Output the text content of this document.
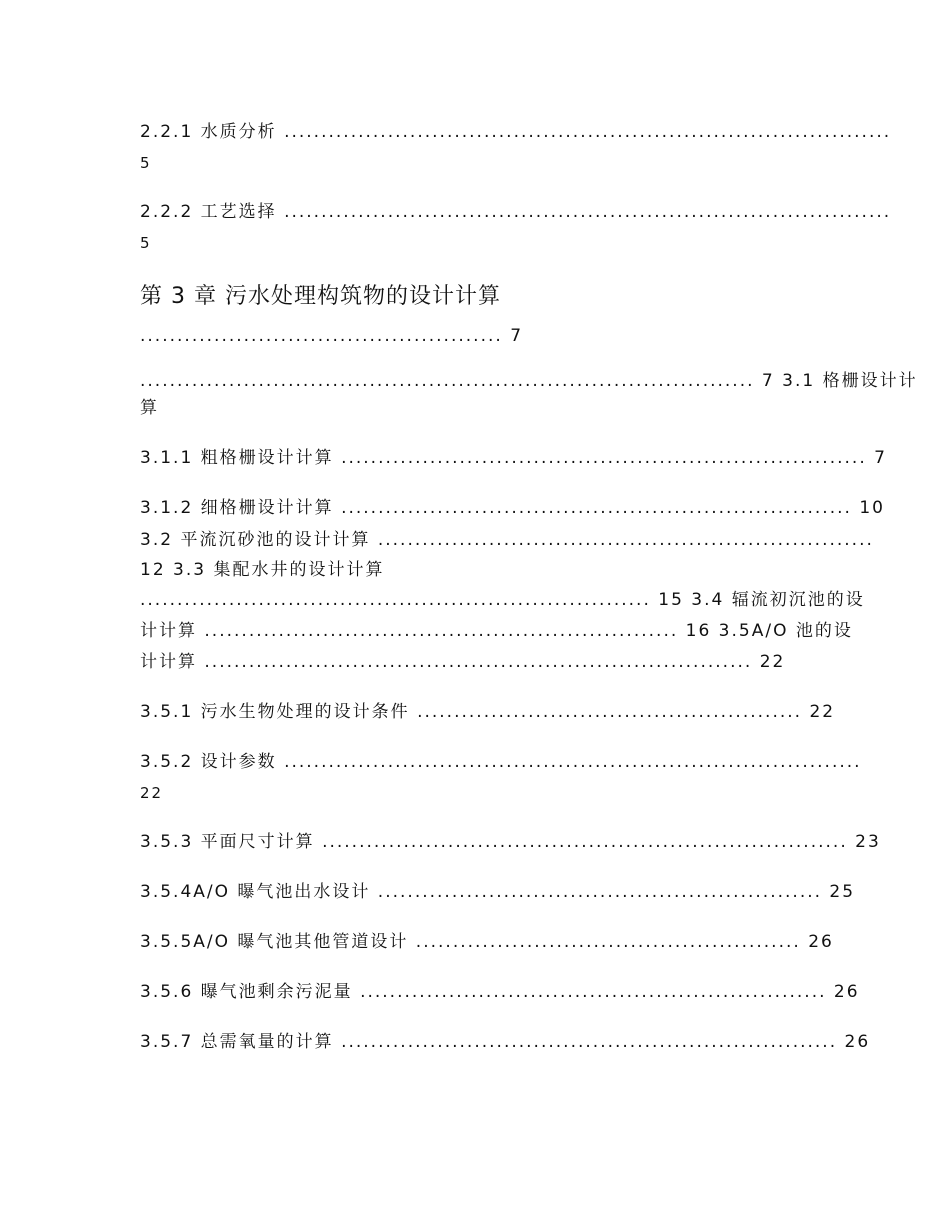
2.2.1 水质分析 ..................................................................................
5
2.2.2 工艺选择 ..................................................................................
5
第 3 章 污水处理构筑物的设计计算
................................................. 7
................................................................................... 7 3.1 格栅设计计
算
3.1.1 粗格栅设计计算 ....................................................................... 7
3.1.2 细格栅设计计算 ..................................................................... 10
3.2 平流沉砂池的设计计算 ...................................................................
12 3.3 集配水井的设计计算
..................................................................... 15 3.4 辐流初沉池的设
计计算 ................................................................ 16 3.5A/O 池的设
计计算 .......................................................................... 22
3.5.1 污水生物处理的设计条件 .................................................... 22
3.5.2 设计参数 ..............................................................................
22
3.5.3 平面尺寸计算 ....................................................................... 23
3.5.4A/O 曝气池出水设计 ............................................................ 25
3.5.5A/O 曝气池其他管道设计 .................................................... 26
3.5.6 曝气池剩余污泥量 ............................................................... 26
3.5.7 总需氧量的计算 ................................................................... 26
